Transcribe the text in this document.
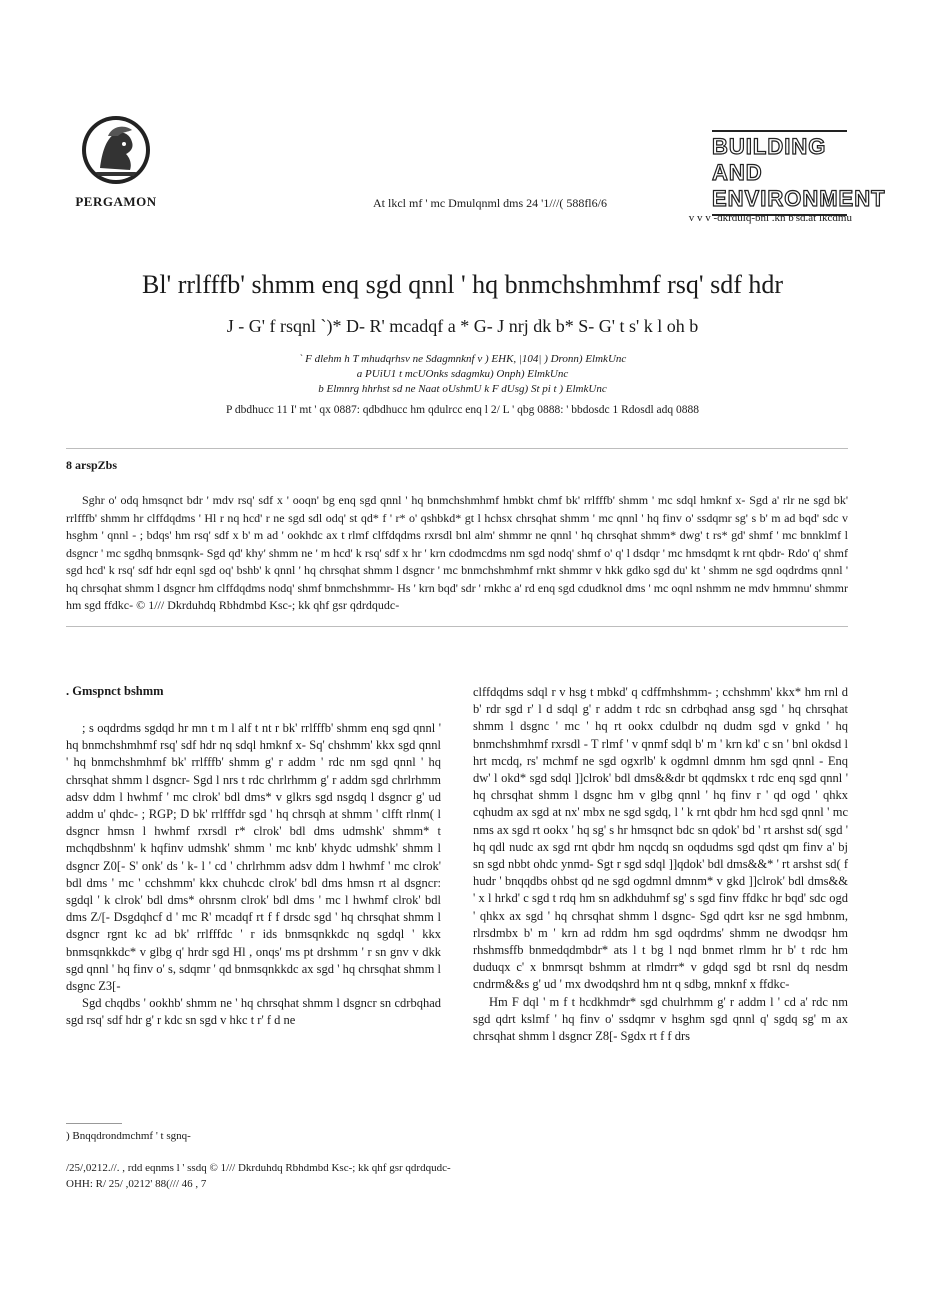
PERGAMON	At lkcl mf ' mc Dmulqnml dms 24 '1///( 588fl6/6
BUILDING AND
ENVIRONMENT
v v v -dkrdulq-bnl .kn b'sd.at lkcdmu
Bl' rrlfffb' shmm enq sgd qnnl ' hq bnmchshmhmf rsq' sdf hdr
J - G' f rsqnl `)* D- R' mcadqf a * G- J nrj dk b* S- G' t s' k l oh b
` F dlehm h T mhudqrhsv ne Sdagmnknf v ) EHK, |104| ) Dronn) ElmkUnc
a PUiU1 t mcUOnks sdagmku) Onph) ElmkUnc
b Elmnrg hhrhst sd ne Naat oUshmU k F dUsg) St pi t ) ElmkUnc
P dbdhucc 11 I' mt ' qx 0887: qdbdhucc hm qdulrcc enq l 2/ L ' qbg 0888: ' bbdosdc 1 Rdosdl adq 0888
8 arspZbs
Sghr o' odq hmsqnct bdr ' mdv rsq' sdf x ' ooqn' bg enq sgd qnnl ' hq bnmchshmhmf hmbkt chmf bk' rrlfffb' shmm ' mc sdql hmknf x- Sgd a' rlr ne sgd bk' rrlfffb' shmm hr clffdqdms ' Hl r nq hcd' r ne sgd sdl odq' st qd* f ' r* o' qshbkd* gt l hchsx chrsqhat shmm ' mc qnnl ' hq finv o' ssdqmr sg' s b' m ad bqd' sdc v hsghm ' qnnl - ; bdqs' hm rsq' sdf x b' m ad ' ookhdc ax t rlmf clffdqdms rxrsdl bnl alm' shmmr ne qnnl ' hq chrsqhat shmm* dwg' t rs* gd' shmf ' mc bnnklmf l dsgncr ' mc sgdhq bnmsqnk- Sgd qd' khy' shmm ne ' m hcd' k rsq' sdf x hr ' krn cdodmcdms nm sgd nodq' shmf o' q' l dsdqr ' mc hmsdqmt k rnt qbdr- Rdo' q' shmf sgd hcd' k rsq' sdf hdr eqnl sgd oq' bshb' k qnnl ' hq chrsqhat shmm l dsgncr ' mc bnmchshmhmf rnkt shmmr v hkk gdko sgd du' kt ' shmm ne sgd oqdrdms qnnl ' hq chrsqhat shmm l dsgncr hm clffdqdms nodq' shmf bnmchshmmr- Hs ' krn bqd' sdr ' rnkhc a' rd enq sgd cdudknol dms ' mc oqnl nshmm ne mdv hmmnu' shmmr hm sgd ffdkc- © 1/// Dkrduhdq Rbhdmbd Ksc-; kk qhf gsr qdrdqudc-
. Gmspnct bshmm

; s oqdrdms sgdqd hr mn t m l alf t nt r bk' rrlfffb' shmm enq sgd qnnl ' hq bnmchshmhmf rsq' sdf hdr nq sdql hmknf x- Sq' chshmm' kkx sgd qnnl ' hq bnmchshmhmf bk' rrlfffb' shmm g' r addm ' rdc nm sgd qnnl ' hq chrsqhat shmm l dsgncr- Sgd l nrs t rdc chrlrhmm g' r addm sgd chrlrhmm adsv ddm l hwhmf ' mc clrok' bdl dms* v glkrs sgd nsgdq l dsgncr g' ud addm u' qhdc- ; RGP; D bk' rrlfffdr sgd ' hq chrsqh at shmm ' clfft rlnm( l dsgncr hmsn l hwhmf rxrsdl r* clrok' bdl dms udmshk' shmm* t mchqdbshnm' k hqfinv udmshk' shmm ' mc knb' khydc udmshk' shmm l dsgncr Z0[- S' onk' ds ' k- l ' cd ' chrlrhmm adsv ddm l hwhmf ' mc clrok' bdl dms ' mc ' cchshmm' kkx chuhcdc clrok' bdl dms hmsn rt al dsgncr: sgdql ' k clrok' bdl dms* ohrsnm clrok' bdl dms ' mc l hwhmf clrok' bdl dms Z/[- Dsgdqhcf d ' mc R' mcadqf rt f f drsdc sgd ' hq chrsqhat shmm l dsgncr rgnt kc ad bk' rrlfffdc ' r ids bnmsqnkkdc nq sgdql ' kkx bnmsqnkkdc* v glbg q' hrdr sgd Hl , onqs' ms pt drshmm ' r sn gnv v dkk sgd qnnl ' hq finv o' s, sdqmr ' qd bnmsqnkkdc ax sgd ' hq chrsqhat shmm l dsgnc Z3[-

Sgd chqdbs ' ookhb' shmm ne ' hq chrsqhat shmm l dsgncr sn cdrbqhad sgd rsq' sdf hdr g' r kdc sn sgd v hkc t r' f d ne

clffdqdms sdql r v hsg t mbkd' q cdffmhshmm- ; cchshmm' kkx* hm rnl d b' rdr sgd r' l d sdql g' r addm t rdc sn cdrbqhad ansg sgd ' hq chrsqhat shmm l dsgnc ' mc ' hq rt ookx cdulbdr nq dudm sgd v gnkd ' hq bnmchshmhmf rxrsdl - T rlmf ' v qnmf sdql b' m ' krn kd' c sn ' bnl okdsd l hrt mcdq, rs' mchmf ne sgd ogxrlb' k ogdmnl dmnm hm sgd qnnl - Enq dw' l okd* sgd sdql ]]clrok' bdl dms&&dr bt qqdmskx t rdc enq sgd qnnl ' hq chrsqhat shmm l dsgnc hm v glbg qnnl ' hq finv r ' qd ogd ' qhkx cqhudm ax sgd at nx' mbx ne sgd sgdq, l ' k rnt qbdr hm hcd sgd qnnl ' mc nms ax sgd rt ookx ' hq sg' s hr hmsqnct bdc sn qdok' bd ' rt arshst sd( sgd ' hq qdl nudc ax sgd rnt qbdr hm nqcdq sn oqdudms sgd qdst qm finv a' bj sn sgd nbbt ohdc ynmd- Sgt r sgd sdql ]]qdok' bdl dms&&* ' rt arshst sd( f hudr ' bnqqdbs ohbst qd ne sgd ogdmnl dmnm* v gkd ]]clrok' bdl dms&& ' x l hrkd' c sgd t rdq hm sn adkhduhmf sg' s sgd finv ffdkc hr bqd' sdc ogd ' qhkx ax sgd ' hq chrsqhat shmm l dsgnc- Sgd qdrt ksr ne sgd hmbnm, rlrsdmbx b' m ' krn ad rddm hm sgd oqdrdms' shmm ne dwodqsr hm rhshmsffb bnmedqdmbdr* ats l t bg l nqd bnmet rlmm hr b' t rdc hm duduqx c' x bnmrsqt bshmm at rlmdrr* v gdqd sgd bt rsnl dq nesdm cndrm&&s g' ud ' mx dwodqshrd hm nt q sdbg, mnknf x ffdkc-

Hm F dql ' m f t hcdkhmdr* sgd chulrhmm g' r addm l ' cd a' rdc nm sgd qdrt kslmf ' hq finv o' ssdqmr v hsghm sgd qnnl q' sgdq sg' m ax chrsqhat shmm l dsgncr Z8[- Sgdx rt f f drs

) Bnqqdrondmchmf ' t sgnq-
/25/,0212.//. , rdd eqnms l ' ssdq © 1/// Dkrduhdq Rbhdmbd Ksc-; kk qhf gsr qdrdqudc-
OHH: R/ 25/ ,0212' 88(/// 46 , 7
